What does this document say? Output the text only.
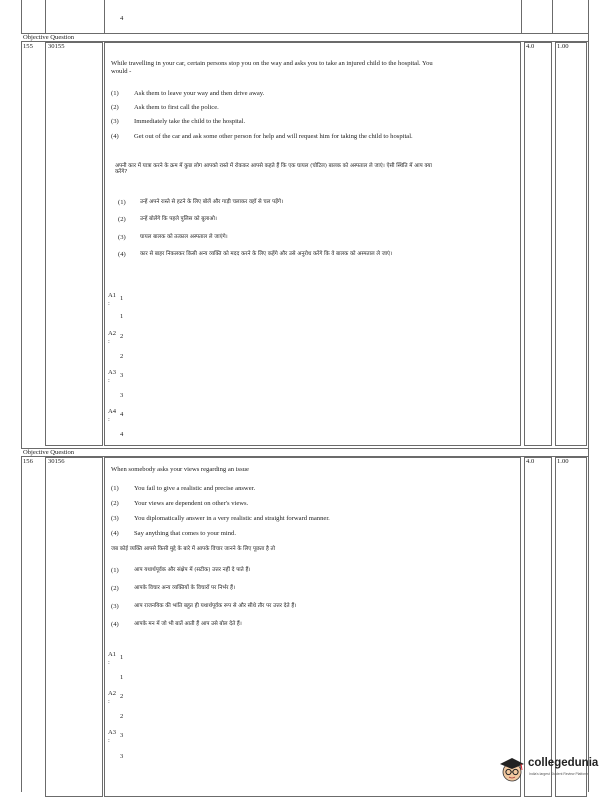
4
Objective Question
155 30155	4.0	1.00
While travelling in your car, certain persons stop you on the way and asks you to take an injured child to the hospital. You would -
(1) Ask them to leave your way and then drive away.
(2) Ask them to first call the police.
(3) Immediately take the child to the hospital.
(4) Get out of the car and ask some other person for help and will request him for taking the child to hospital.
अपनी कार में यात्रा करने के क्रम में कुछ लोग आपको रास्ते में रोककर आपसे कहते हैं कि एक घायल (चोटिल) बालक को अस्पताल ले जाएं। ऐसी स्थिति में आप क्या करेंगे?
(1)	उन्हें अपने रास्ते से हटने के लिए बोलें और गाड़ी चलाकर वहाँ से चल पड़ेंगे।
(2)	उन्हें बोलेंगे कि पहले पुलिस को बुलाओ।
(3)	घायल बालक को तत्काल अस्पताल ले जाएंगे।
(4)	कार से बाहर निकलकर किसी अन्य व्यक्ति को मदद करने के लिए कहेंगे और उसे अनुरोध करेंगे कि वे बालक को अस्पताल ले जाएं।
A1 1
:
1
A2 2
:
2
A3 3
:
3
A4 4
:
4
Objective Question
156 30156	4.0	1.00
When somebody asks your views regarding an issue
(1) You fail to give a realistic and precise answer.
(2) Your views are dependent on other's views.
(3) You diplomatically answer in a very realistic and straight forward manner.
(4) Say anything that comes to your mind.
जब कोई व्यक्ति आपसे किसी मुद्दे के बारे में आपके विचार जानने के लिए पूछता है तो
(1)	आप यथार्थपूर्वक और संक्षेप में (सटीक) उत्तर नहीं दे पाते हैं।
(2)	आपके विचार अन्य व्यक्तियों के विचारों पर निर्भर हैं।
(3)	आप राजनयिक की भांति बहुत ही यथार्थपूर्वक रूप से और सीधे तौर पर उत्तर देते हैं।
(4)	आपके मन में जो भी बातें आती हैं आप उसे बोल देते हैं।
A1 1
:
1
A2 2
:
2
A3 3
:
3
collegedunia
India's largest Student Review Platform
